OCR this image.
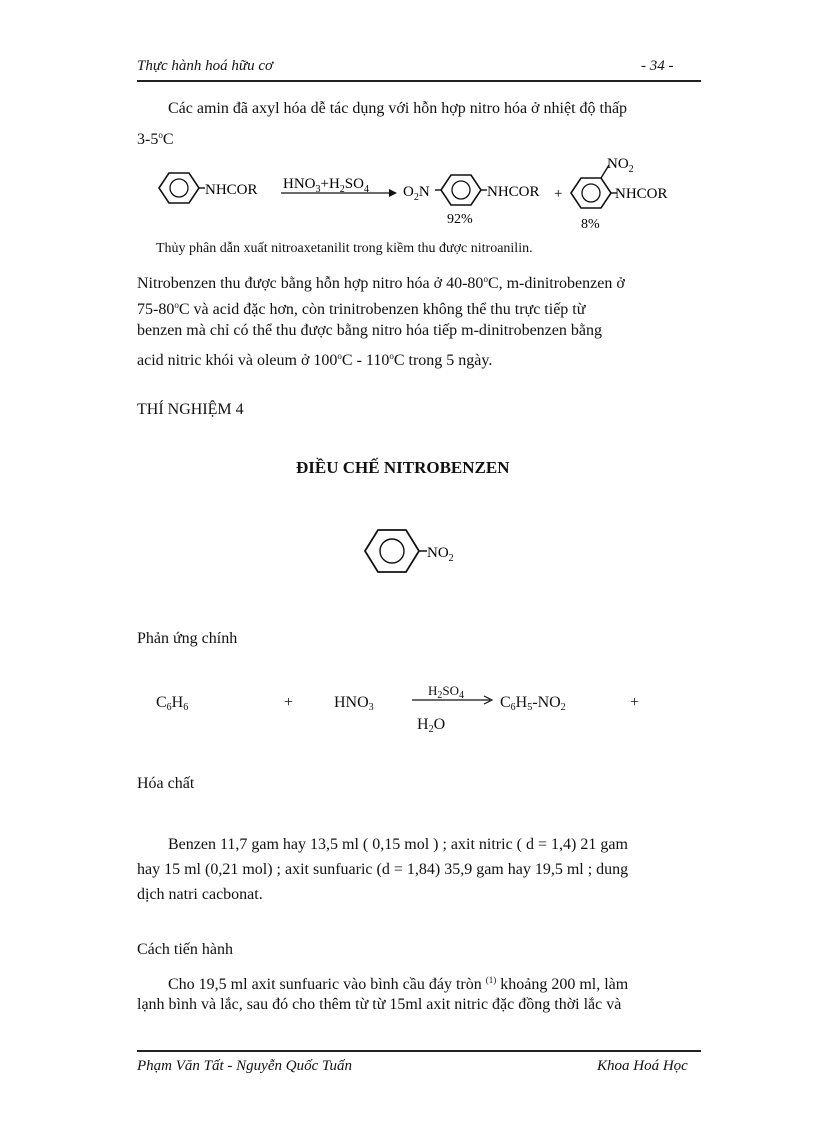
Thực hành hoá hữu cơ	- 34 -
Các amin đã axyl hóa dễ tác dụng với hỗn hợp nitro hóa ở nhiệt độ thấp
3-5$^o$C
NHCOR $HNO_3+H_2SO_4$ $O_2N$	NHCOR
92%
+
$NO_2$
NHCOR
8%
Thủy phân dẫn xuất nitroaxetanilit trong kiềm thu được nitroanilin.
Nitrobenzen thu được bằng hỗn hợp nitro hóa ở 40-80$^o$C, m-dinitrobenzen ở
75-80$^o$C và acid đặc hơn, còn trinitrobenzen không thể thu trực tiếp từ
benzen mà chỉ có thể thu được bằng nitro hóa tiếp m-dinitrobenzen bằng
acid nitric khói và oleum ở 100$^o$C - 110$^o$C trong 5 ngày.
THÍ NGHIỆM 4
ĐIỀU CHẾ NITROBENZEN
$NO_2$
Phản ứng chính
$C_6H_6$	+	$HNO_3$
$H_2SO_4$
$H_2O$
$C_6H_5-NO_2$	+
Hóa chất
Benzen 11,7 gam hay 13,5 ml ( 0,15 mol ) ; axit nitric ( d = 1,4) 21 gam
hay 15 ml (0,21 mol) ; axit sunfuaric (d = 1,84) 35,9 gam hay 19,5 ml ; dung
dịch natri cacbonat.
Cách tiến hành
Cho 19,5 ml axit sunfuaric vào bình cầu đáy tròn $^{(1)}$ khoảng 200 ml, làm
lạnh bình và lắc, sau đó cho thêm từ từ 15ml axit nitric đặc đồng thời lắc và
Phạm Văn Tất - Nguyễn Quốc Tuấn	Khoa Hoá Học
